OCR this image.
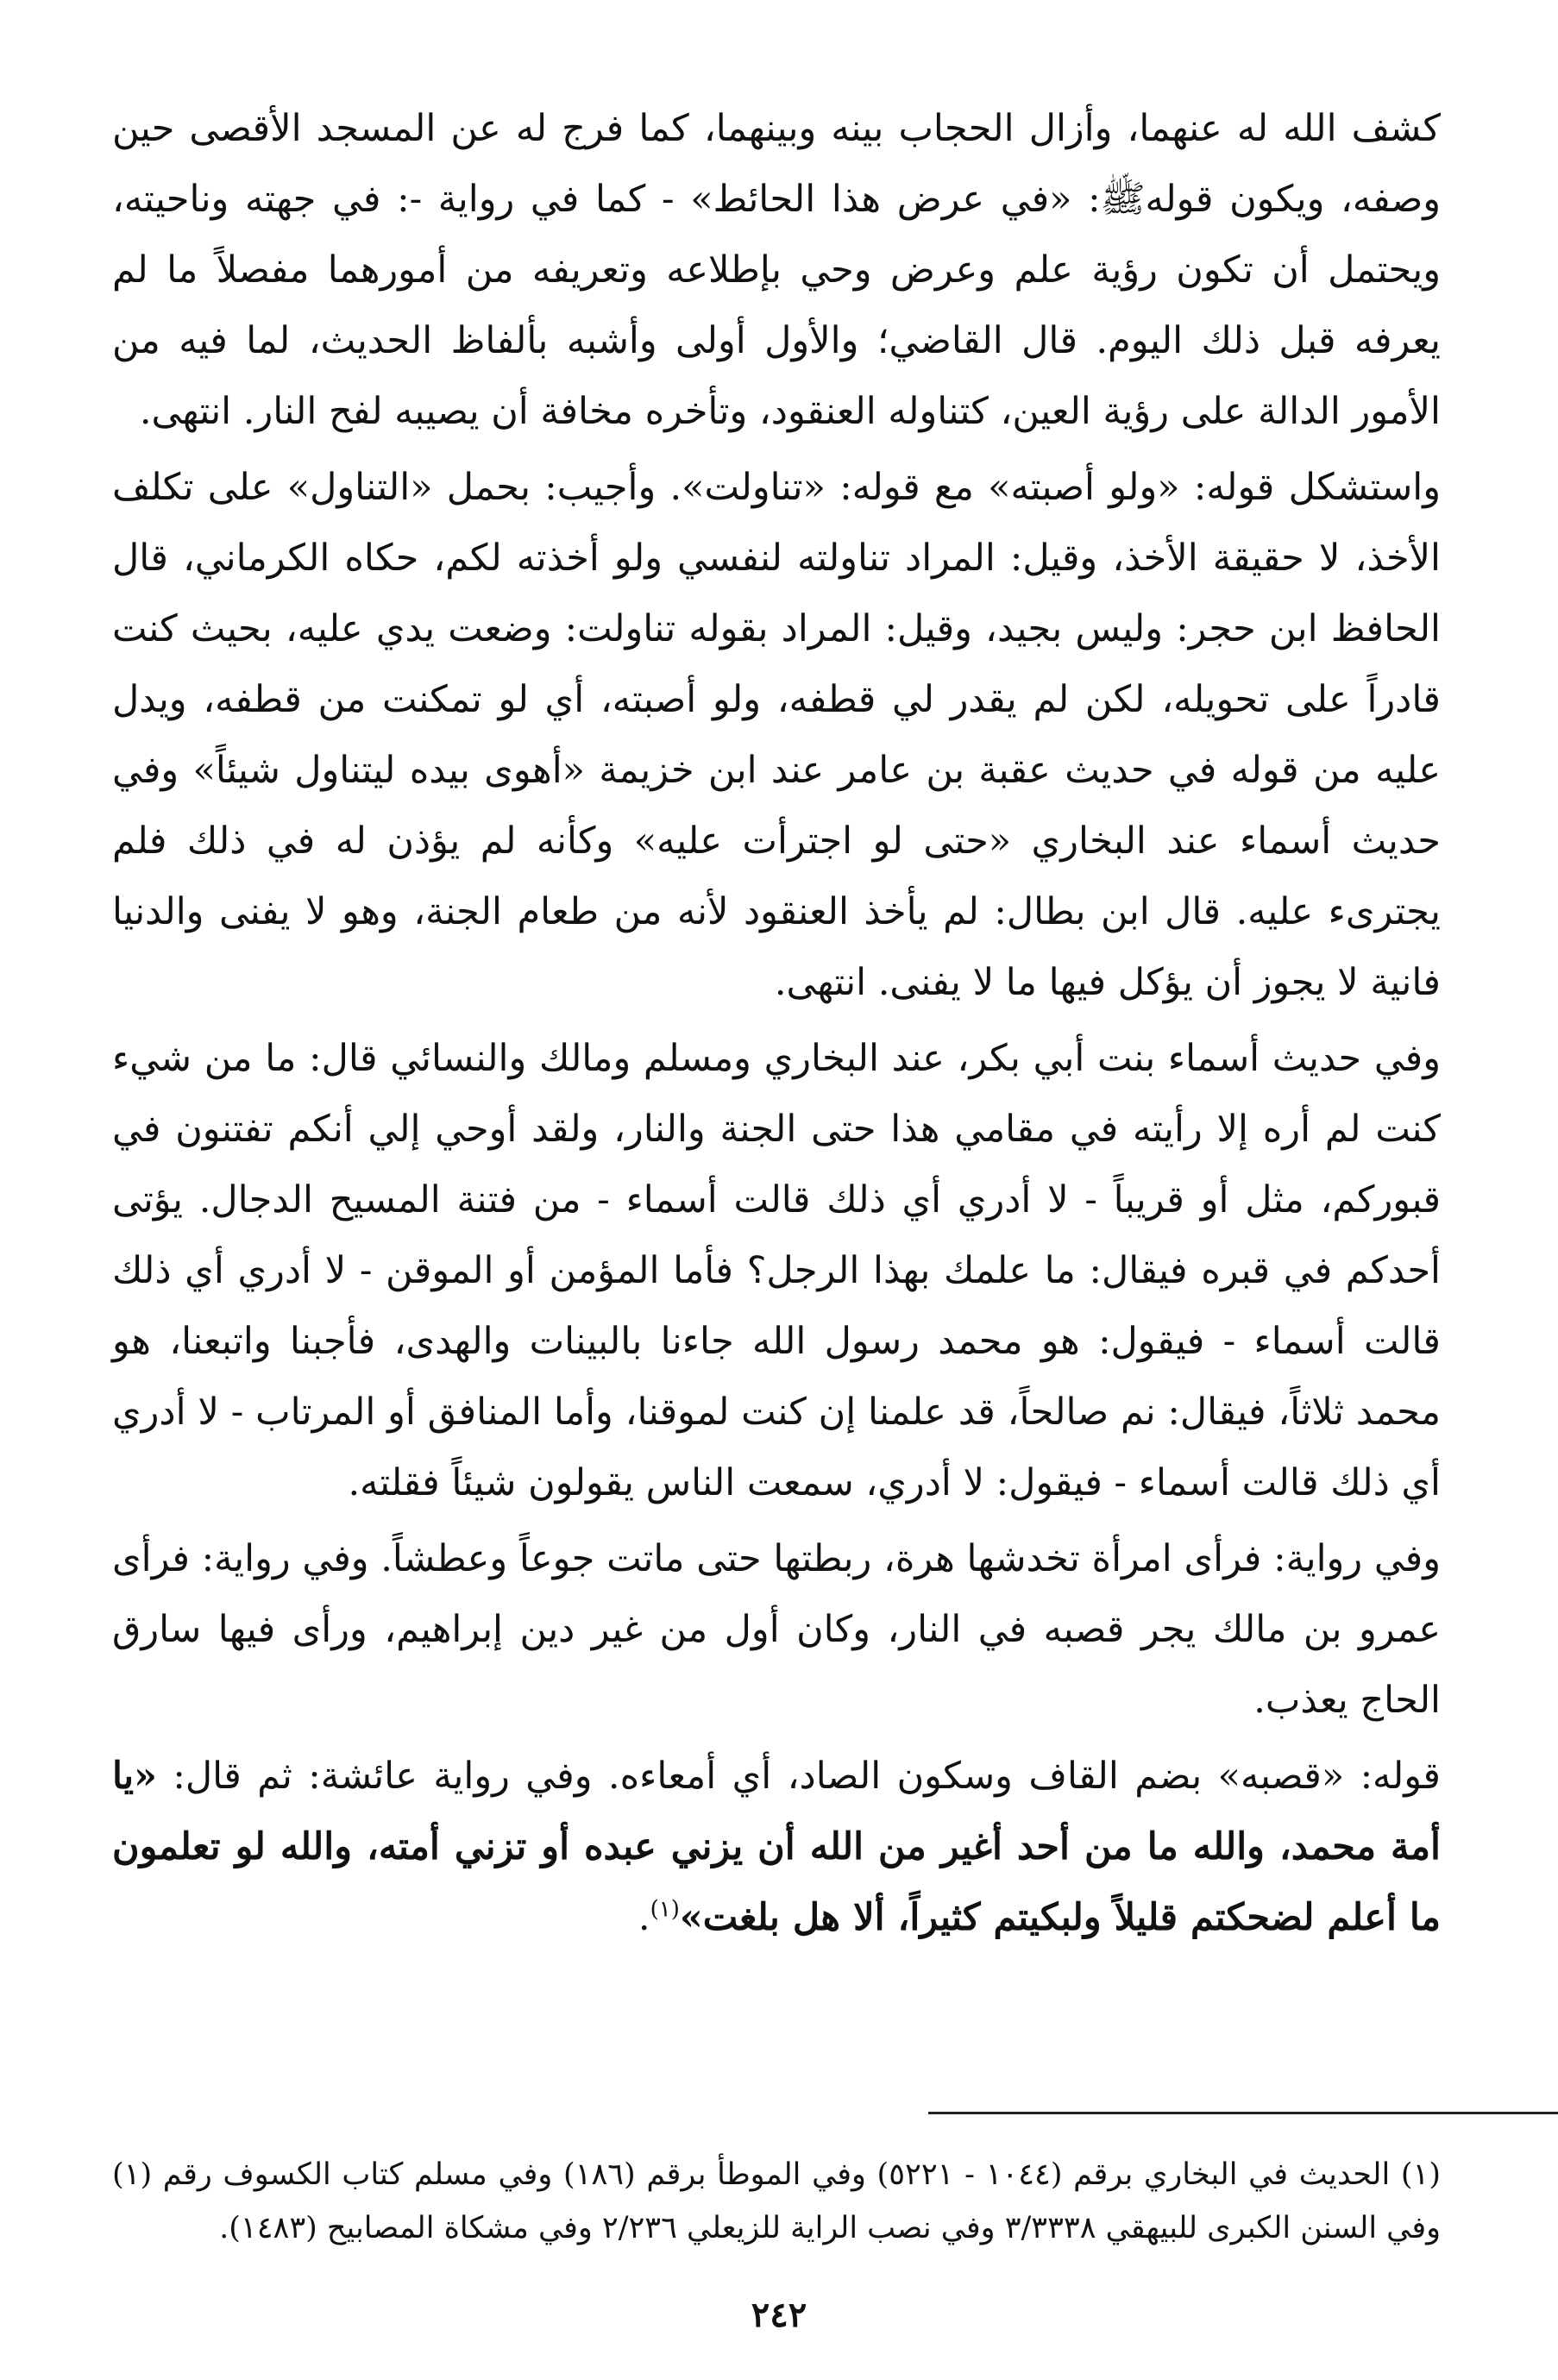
كشف الله له عنهما، وأزال الحجاب بينه وبينهما، كما فرج له عن المسجد الأقصى حين وصفه، ويكون قولهﷺ: «في عرض هذا الحائط» - كما في رواية -: في جهته وناحيته، ويحتمل أن تكون رؤية علم وعرض وحي بإطلاعه وتعريفه من أمورهما مفصلاً ما لم يعرفه قبل ذلك اليوم. قال القاضي؛ والأول أولى وأشبه بألفاظ الحديث، لما فيه من الأمور الدالة على رؤية العين، كتناوله العنقود، وتأخره مخافة أن يصيبه لفح النار. انتهى.

واستشكل قوله: «ولو أصبته» مع قوله: «تناولت». وأجيب: بحمل «التناول» على تكلف الأخذ، لا حقيقة الأخذ، وقيل: المراد تناولته لنفسي ولو أخذته لكم، حكاه الكرماني، قال الحافظ ابن حجر: وليس بجيد، وقيل: المراد بقوله تناولت: وضعت يدي عليه، بحيث كنت قادراً على تحويله، لكن لم يقدر لي قطفه، ولو أصبته، أي لو تمكنت من قطفه، ويدل عليه من قوله في حديث عقبة بن عامر عند ابن خزيمة «أهوى بيده ليتناول شيئاً» وفي حديث أسماء عند البخاري «حتى لو اجترأت عليه» وكأنه لم يؤذن له في ذلك فلم يجترىء عليه. قال ابن بطال: لم يأخذ العنقود لأنه من طعام الجنة، وهو لا يفنى والدنيا فانية لا يجوز أن يؤكل فيها ما لا يفنى. انتهى.

وفي حديث أسماء بنت أبي بكر، عند البخاري ومسلم ومالك والنسائي قال: ما من شيء كنت لم أره إلا رأيته في مقامي هذا حتى الجنة والنار، ولقد أوحي إلي أنكم تفتنون في قبوركم، مثل أو قريباً - لا أدري أي ذلك قالت أسماء - من فتنة المسيح الدجال. يؤتى أحدكم في قبره فيقال: ما علمك بهذا الرجل؟ فأما المؤمن أو الموقن - لا أدري أي ذلك قالت أسماء - فيقول: هو محمد رسول الله جاءنا بالبينات والهدى، فأجبنا واتبعنا، هو محمد ثلاثاً، فيقال: نم صالحاً، قد علمنا إن كنت لموقنا، وأما المنافق أو المرتاب - لا أدري أي ذلك قالت أسماء - فيقول: لا أدري، سمعت الناس يقولون شيئاً فقلته.

وفي رواية: فرأى امرأة تخدشها هرة، ربطتها حتى ماتت جوعاً وعطشاً. وفي رواية: فرأى عمرو بن مالك يجر قصبه في النار، وكان أول من غير دين إبراهيم، ورأى فيها سارق الحاج يعذب.

قوله: «قصبه» بضم القاف وسكون الصاد، أي أمعاءه. وفي رواية عائشة: ثم قال: «يا أمة محمد، والله ما من أحد أغير من الله أن يزني عبده أو تزني أمته، والله لو تعلمون ما أعلم لضحكتم قليلاً ولبكيتم كثيراً، ألا هل بلغت»$^{(١)}$.

(١) الحديث في البخاري برقم (١٠٤٤ - ٥٢٢١) وفي الموطأ برقم (١٨٦) وفي مسلم كتاب الكسوف رقم (١) وفي السنن الكبرى للبيهقي ٣/٣٣٣٨ وفي نصب الراية للزيعلي ٢/٢٣٦ وفي مشكاة المصابيح (١٤٨٣).

٢٤٢
